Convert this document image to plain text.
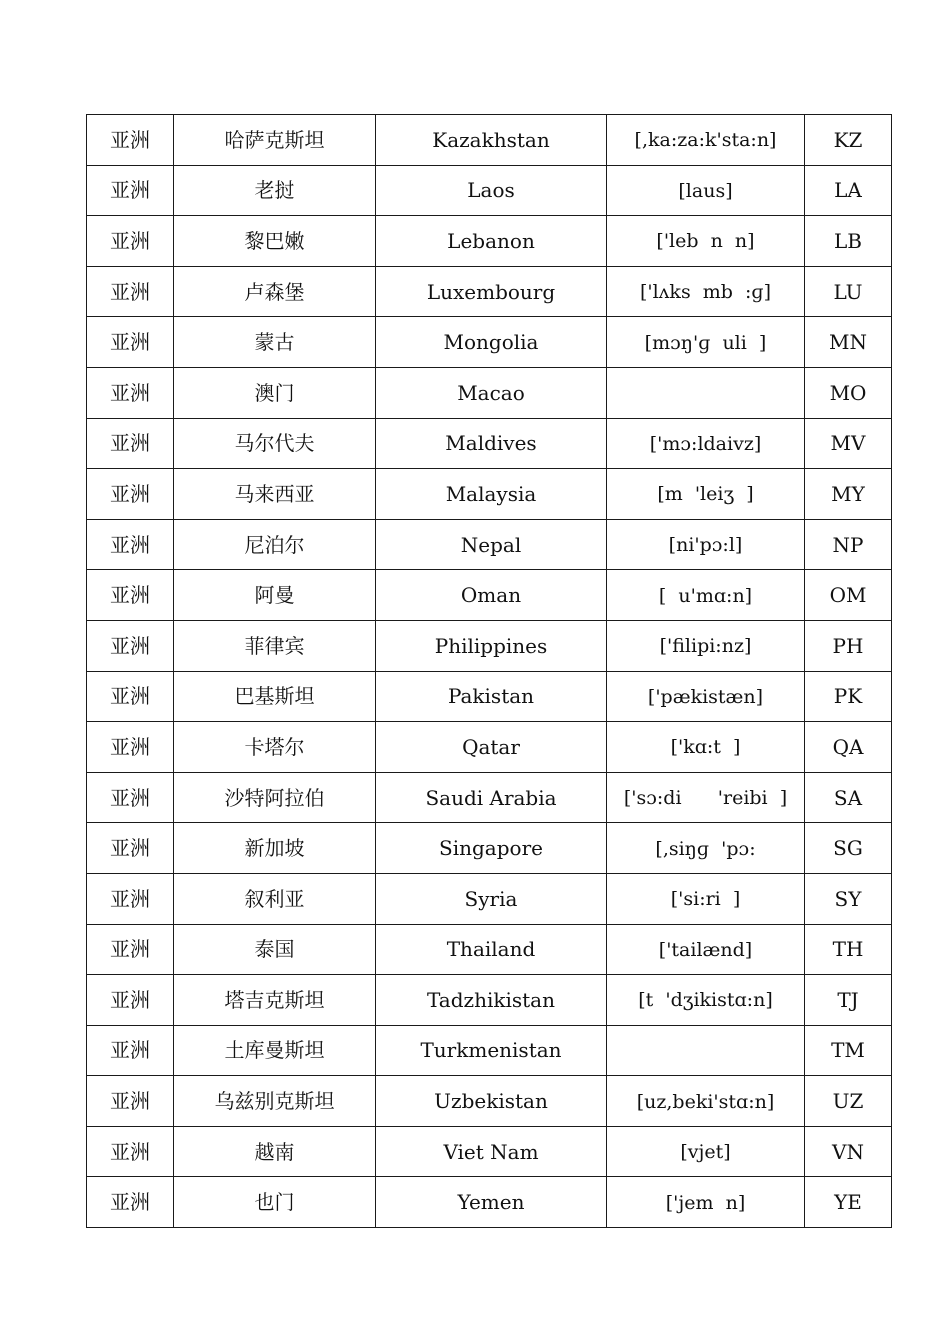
亚洲	哈萨克斯坦	Kazakhstan	[,ka:za:k'sta:n]	KZ
亚洲	老挝	Laos	[laus]	LA
亚洲	黎巴嫩	Lebanon	['leb  n  n]	LB
亚洲	卢森堡	Luxembourg	['lʌks  mb  :ɡ]	LU
亚洲	蒙古	Mongolia	[mɔŋ'ɡ  uli  ]	MN
亚洲	澳门	Macao		MO
亚洲	马尔代夫	Maldives	['mɔ:ldaivz]	MV
亚洲	马来西亚	Malaysia	[m  'leiʒ  ]	MY
亚洲	尼泊尔	Nepal	[ni'pɔ:l]	NP
亚洲	阿曼	Oman	[  u'mɑ:n]	OM
亚洲	菲律宾	Philippines	['filipi:nz]	PH
亚洲	巴基斯坦	Pakistan	['pækistæn]	PK
亚洲	卡塔尔	Qatar	['kɑ:t  ]	QA
亚洲	沙特阿拉伯	Saudi Arabia	['sɔ:di      'reibi  ]	SA
亚洲	新加坡	Singapore	[,siŋɡ  'pɔ:	SG
亚洲	叙利亚	Syria	['si:ri  ]	SY
亚洲	泰国	Thailand	['tailænd]	TH
亚洲	塔吉克斯坦	Tadzhikistan	[t  'dʒikistɑ:n]	TJ
亚洲	土库曼斯坦	Turkmenistan		TM
亚洲	乌兹别克斯坦	Uzbekistan	[uz,beki'stɑ:n]	UZ
亚洲	越南	Viet Nam	[vjet]	VN
亚洲	也门	Yemen	['jem  n]	YE
